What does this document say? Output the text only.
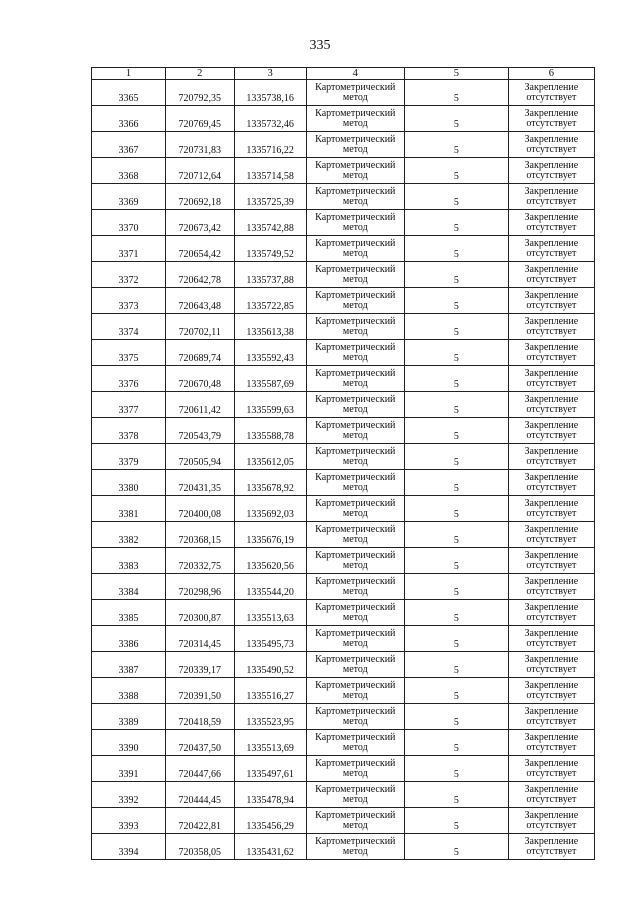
335
1	2	3	4	5	6
3365	720792,35	1335738,16	Картометрический
метод	5	Закрепление
отсутствует

3366	720769,45	1335732,46	Картометрический
метод	5	Закрепление
отсутствует

3367	720731,83	1335716,22	Картометрический
метод	5	Закрепление
отсутствует

3368	720712,64	1335714,58	Картометрический
метод	5	Закрепление
отсутствует

3369	720692,18	1335725,39	Картометрический
метод	5	Закрепление
отсутствует

3370	720673,42	1335742,88	Картометрический
метод	5	Закрепление
отсутствует

3371	720654,42	1335749,52	Картометрический
метод	5	Закрепление
отсутствует

3372	720642,78	1335737,88	Картометрический
метод	5	Закрепление
отсутствует

3373	720643,48	1335722,85	Картометрический
метод	5	Закрепление
отсутствует

3374	720702,11	1335613,38	Картометрический
метод	5	Закрепление
отсутствует

3375	720689,74	1335592,43	Картометрический
метод	5	Закрепление
отсутствует

3376	720670,48	1335587,69	Картометрический
метод	5	Закрепление
отсутствует

3377	720611,42	1335599,63	Картометрический
метод	5	Закрепление
отсутствует

3378	720543,79	1335588,78	Картометрический
метод	5	Закрепление
отсутствует

3379	720505,94	1335612,05	Картометрический
метод	5	Закрепление
отсутствует

3380	720431,35	1335678,92	Картометрический
метод	5	Закрепление
отсутствует

3381	720400,08	1335692,03	Картометрический
метод	5	Закрепление
отсутствует

3382	720368,15	1335676,19	Картометрический
метод	5	Закрепление
отсутствует

3383	720332,75	1335620,56	Картометрический
метод	5	Закрепление
отсутствует

3384	720298,96	1335544,20	Картометрический
метод	5	Закрепление
отсутствует

3385	720300,87	1335513,63	Картометрический
метод	5	Закрепление
отсутствует

3386	720314,45	1335495,73	Картометрический
метод	5	Закрепление
отсутствует

3387	720339,17	1335490,52	Картометрический
метод	5	Закрепление
отсутствует

3388	720391,50	1335516,27	Картометрический
метод	5	Закрепление
отсутствует

3389	720418,59	1335523,95	Картометрический
метод	5	Закрепление
отсутствует

3390	720437,50	1335513,69	Картометрический
метод	5	Закрепление
отсутствует

3391	720447,66	1335497,61	Картометрический
метод	5	Закрепление
отсутствует

3392	720444,45	1335478,94	Картометрический
метод	5	Закрепление
отсутствует

3393	720422,81	1335456,29	Картометрический
метод	5	Закрепление
отсутствует

3394	720358,05	1335431,62	Картометрический
метод	5	Закрепление
отсутствует
